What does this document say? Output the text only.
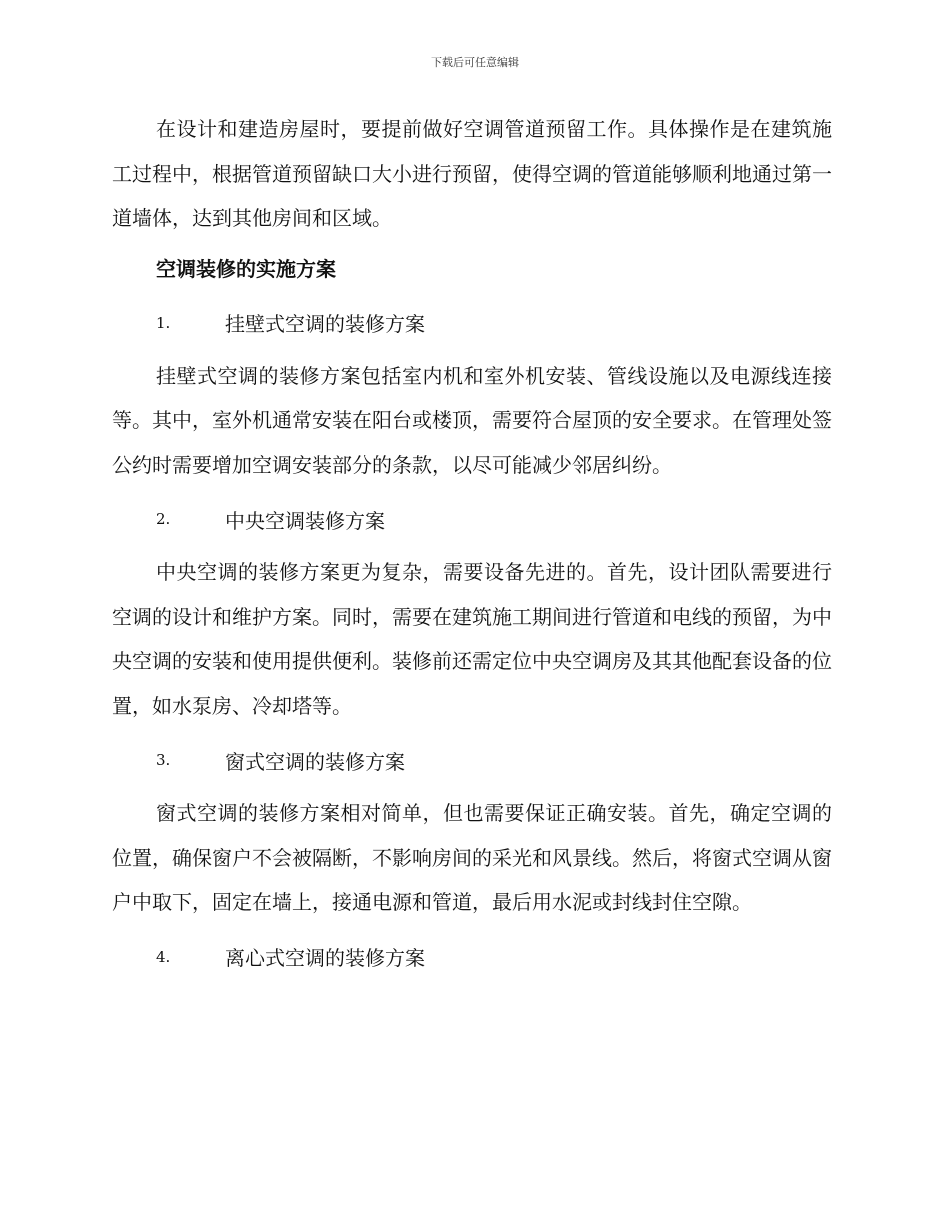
下载后可任意编辑

在设计和建造房屋时，要提前做好空调管道预留工作。具体操作是在建筑施工过程中，根据管道预留缺口大小进行预留，使得空调的管道能够顺利地通过第一道墙体，达到其他房间和区域。

空调装修的实施方案
1.	挂壁式空调的装修方案

挂壁式空调的装修方案包括室内机和室外机安装、管线设施以及电源线连接等。其中，室外机通常安装在阳台或楼顶，需要符合屋顶的安全要求。在管理处签公约时需要增加空调安装部分的条款，以尽可能减少邻居纠纷。

2.	中央空调装修方案

中央空调的装修方案更为复杂，需要设备先进的。首先，设计团队需要进行空调的设计和维护方案。同时，需要在建筑施工期间进行管道和电线的预留，为中央空调的安装和使用提供便利。装修前还需定位中央空调房及其其他配套设备的位置，如水泵房、冷却塔等。

3.	窗式空调的装修方案

窗式空调的装修方案相对简单，但也需要保证正确安装。首先，确定空调的位置，确保窗户不会被隔断，不影响房间的采光和风景线。然后，将窗式空调从窗户中取下，固定在墙上，接通电源和管道，最后用水泥或封线封住空隙。

4.	离心式空调的装修方案
